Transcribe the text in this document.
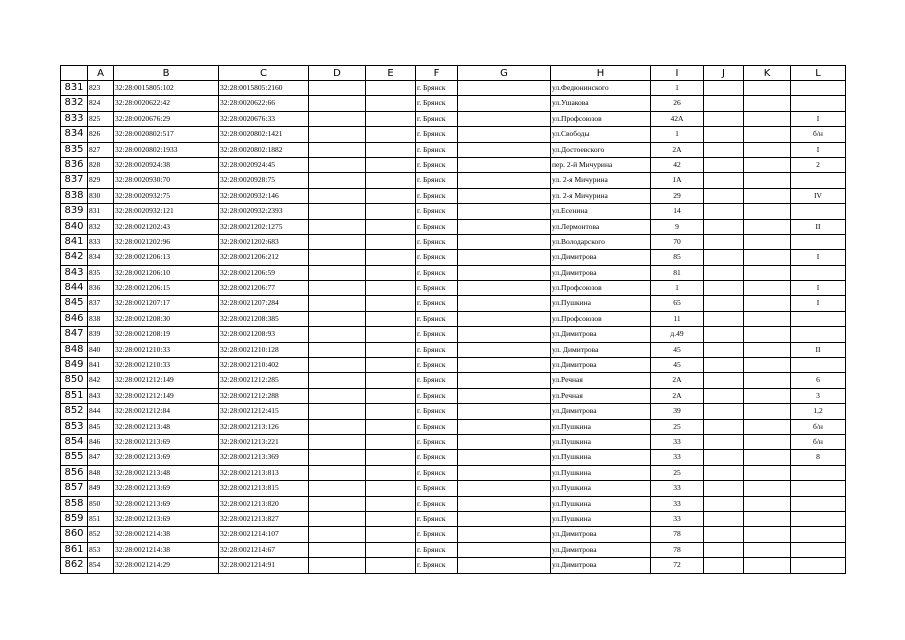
	A	B	C	D	E	F	G	H	I	J	K	L
831	823	32:28:0015805:102	32:28:0015805:2160			г. Брянск		ул.Федюнинского	1			
832	824	32:28:0020622:42	32:28:0020622:66			г. Брянск		ул.Ушакова	26			
833	825	32:28:0020676:29	32:28:0020676:33			г. Брянск		ул.Профсоюзов	42А			I
834	826	32:28:0020802:517	32:28:0020802:1421			г. Брянск		ул.Свободы	1			б/н
835	827	32:28:0020802:1933	32:28:0020802:1882			г. Брянск		ул.Достоевского	2А			I
836	828	32:28:0020924:38	32:28:0020924:45			г. Брянск		пер. 2-й Мичурина	42			2
837	829	32:28:0020930:70	32:28:0020928:75			г. Брянск		ул. 2-я Мичурина	1А			
838	830	32:28:0020932:75	32:28:0020932:146			г. Брянск		ул. 2-я Мичурина	29			IV
839	831	32:28:0020932:121	32:28:0020932:2393			г. Брянск		ул.Есенина	14			
840	832	32:28:0021202:43	32:28:0021202:1275			г. Брянск		ул.Лермонтова	9			II
841	833	32:28:0021202:96	32:28:0021202:683			г. Брянск		ул.Володарского	70			
842	834	32:28:0021206:13	32:28:0021206:212			г. Брянск		ул.Димитрова	85			I
843	835	32:28:0021206:10	32:28:0021206:59			г. Брянск		ул.Димитрова	81			
844	836	32:28:0021206:15	32:28:0021206:77			г. Брянск		ул.Профсоюзов	1			I
845	837	32:28:0021207:17	32:28:0021207:284			г. Брянск		ул.Пушкина	65			I
846	838	32:28:0021208:30	32:28:0021208:385			г. Брянск		ул.Профсоюзов	11			
847	839	32:28:0021208:19	32:28:0021208:93			г. Брянск		ул.Димитрова	д.49			
848	840	32:28:0021210:33	32:28:0021210:128			г. Брянск		ул. Димитрова	45			II
849	841	32:28:0021210:33	32:28:0021210:402			г. Брянск		ул.Димитрова	45			
850	842	32:28:0021212:149	32:28:0021212:285			г. Брянск		ул.Речная	2А			6
851	843	32:28:0021212:149	32:28:0021212:288			г. Брянск		ул.Речная	2А			3
852	844	32:28:0021212:84	32:28:0021212:415			г. Брянск		ул.Димитрова	39			1,2
853	845	32:28:0021213:48	32:28:0021213:126			г. Брянск		ул.Пушкина	25			б/н
854	846	32:28:0021213:69	32:28:0021213:221			г. Брянск		ул.Пушкина	33			б/н
855	847	32:28:0021213:69	32:28:0021213:369			г. Брянск		ул.Пушкина	33			8
856	848	32:28:0021213:48	32:28:0021213:813			г. Брянск		ул.Пушкина	25			
857	849	32:28:0021213:69	32:28:0021213:815			г. Брянск		ул.Пушкина	33			
858	850	32:28:0021213:69	32:28:0021213:820			г. Брянск		ул.Пушкина	33			
859	851	32:28:0021213:69	32:28:0021213:827			г. Брянск		ул.Пушкина	33			
860	852	32:28:0021214:38	32:28:0021214:107			г. Брянск		ул.Димитрова	78			
861	853	32:28:0021214:38	32:28:0021214:67			г. Брянск		ул.Димитрова	78			
862	854	32:28:0021214:29	32:28:0021214:91			г. Брянск		ул.Димитрова	72			
